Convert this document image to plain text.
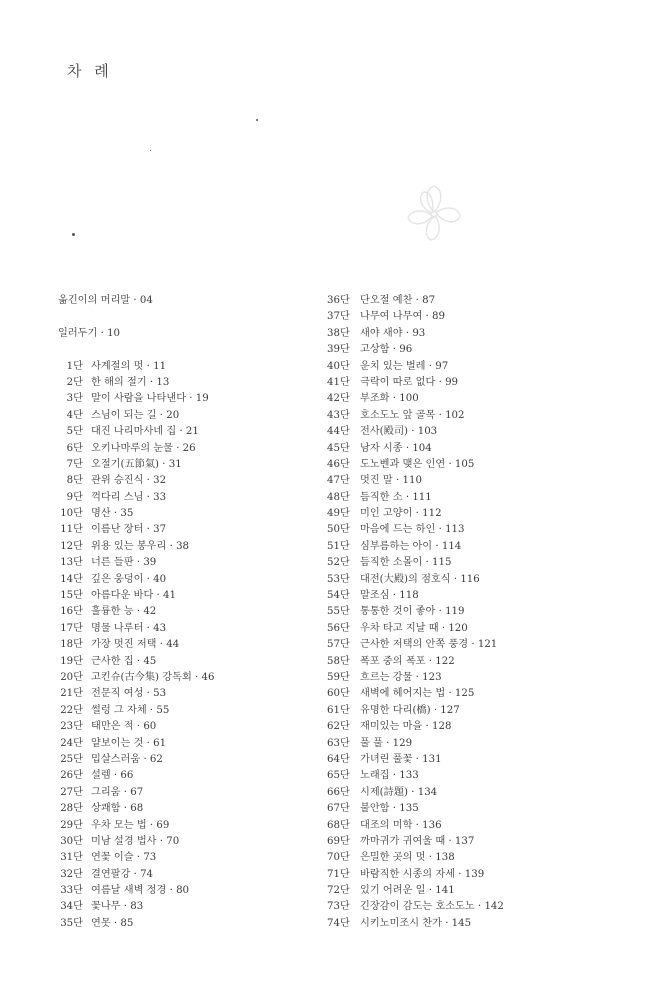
차 례
옮긴이의 머리말 · 04
일러두기 · 10
1단 사계절의 멋 · 11
2단 한 해의 절기 · 13
3단 말이 사람을 나타낸다 · 19
4단 스님이 되는 길 · 20
5단 대진 나리마사네 집 · 21
6단 오키나마루의 눈물 · 26
7단 오절기(五節氣) · 31
8단 관위 승진식 · 32
9단 꺽다리 스님 · 33
10단 명산 · 35
11단 이름난 장터 · 37
12단 위용 있는 봉우리 · 38
13단 너른 들판 · 39
14단 깊은 웅덩이 · 40
15단 아름다운 바다 · 41
16단 훌륭한 능 · 42
17단 명물 나루터 · 43
18단 가장 멋진 저택 · 44
19단 근사한 집 · 45
20단 고킨슈(古今集) 강독회 · 46
21단 전문직 여성 · 53
22단 썰렁 그 자체 · 55
23단 태만은 적 · 60
24단 얕보이는 것 · 61
25단 밉살스러움 · 62
26단 설렘 · 66
27단 그리움 · 67
28단 상쾌함 · 68
29단 우차 모는 법 · 69
30단 미남 설경 법사 · 70
31단 연꽃 이슬 · 73
32단 결연팔강 · 74
33단 여름날 새벽 정경 · 80
34단 꽃나무 · 83
35단 연못 · 85
36단 단오절 예찬 · 87
37단 나무여 나무여 · 89
38단 새야 새야 · 93
39단 고상함 · 96
40단 운치 있는 벌레 · 97
41단 극락이 따로 없다 · 99
42단 부조화 · 100
43단 호소도노 앞 골목 · 102
44단 전사(殿司) · 103
45단 남자 시종 · 104
46단 도노벤과 맺은 인연 · 105
47단 멋진 말 · 110
48단 듬직한 소 · 111
49단 미인 고양이 · 112
50단 마음에 드는 하인 · 113
51단 심부름하는 아이 · 114
52단 듬직한 소몰이 · 115
53단 대전(大殿)의 점호식 · 116
54단 말조심 · 118
55단 통통한 것이 좋아 · 119
56단 우차 타고 지날 때 · 120
57단 근사한 저택의 안쪽 풍경 · 121
58단 폭포 중의 폭포 · 122
59단 흐르는 강물 · 123
60단 새벽에 헤어지는 법 · 125
61단 유명한 다리(橋) · 127
62단 재미있는 마을 · 128
63단 풀 풀 · 129
64단 가녀린 풀꽃 · 131
65단 노래집 · 133
66단 시제(詩題) · 134
67단 불안함 · 135
68단 대조의 미학 · 136
69단 까마귀가 귀여울 때 · 137
70단 은밀한 곳의 멋 · 138
71단 바람직한 시종의 자세 · 139
72단 있기 어려운 일 · 141
73단 긴장감이 감도는 호소도노 · 142
74단 시키노미조시 찬가 · 145
